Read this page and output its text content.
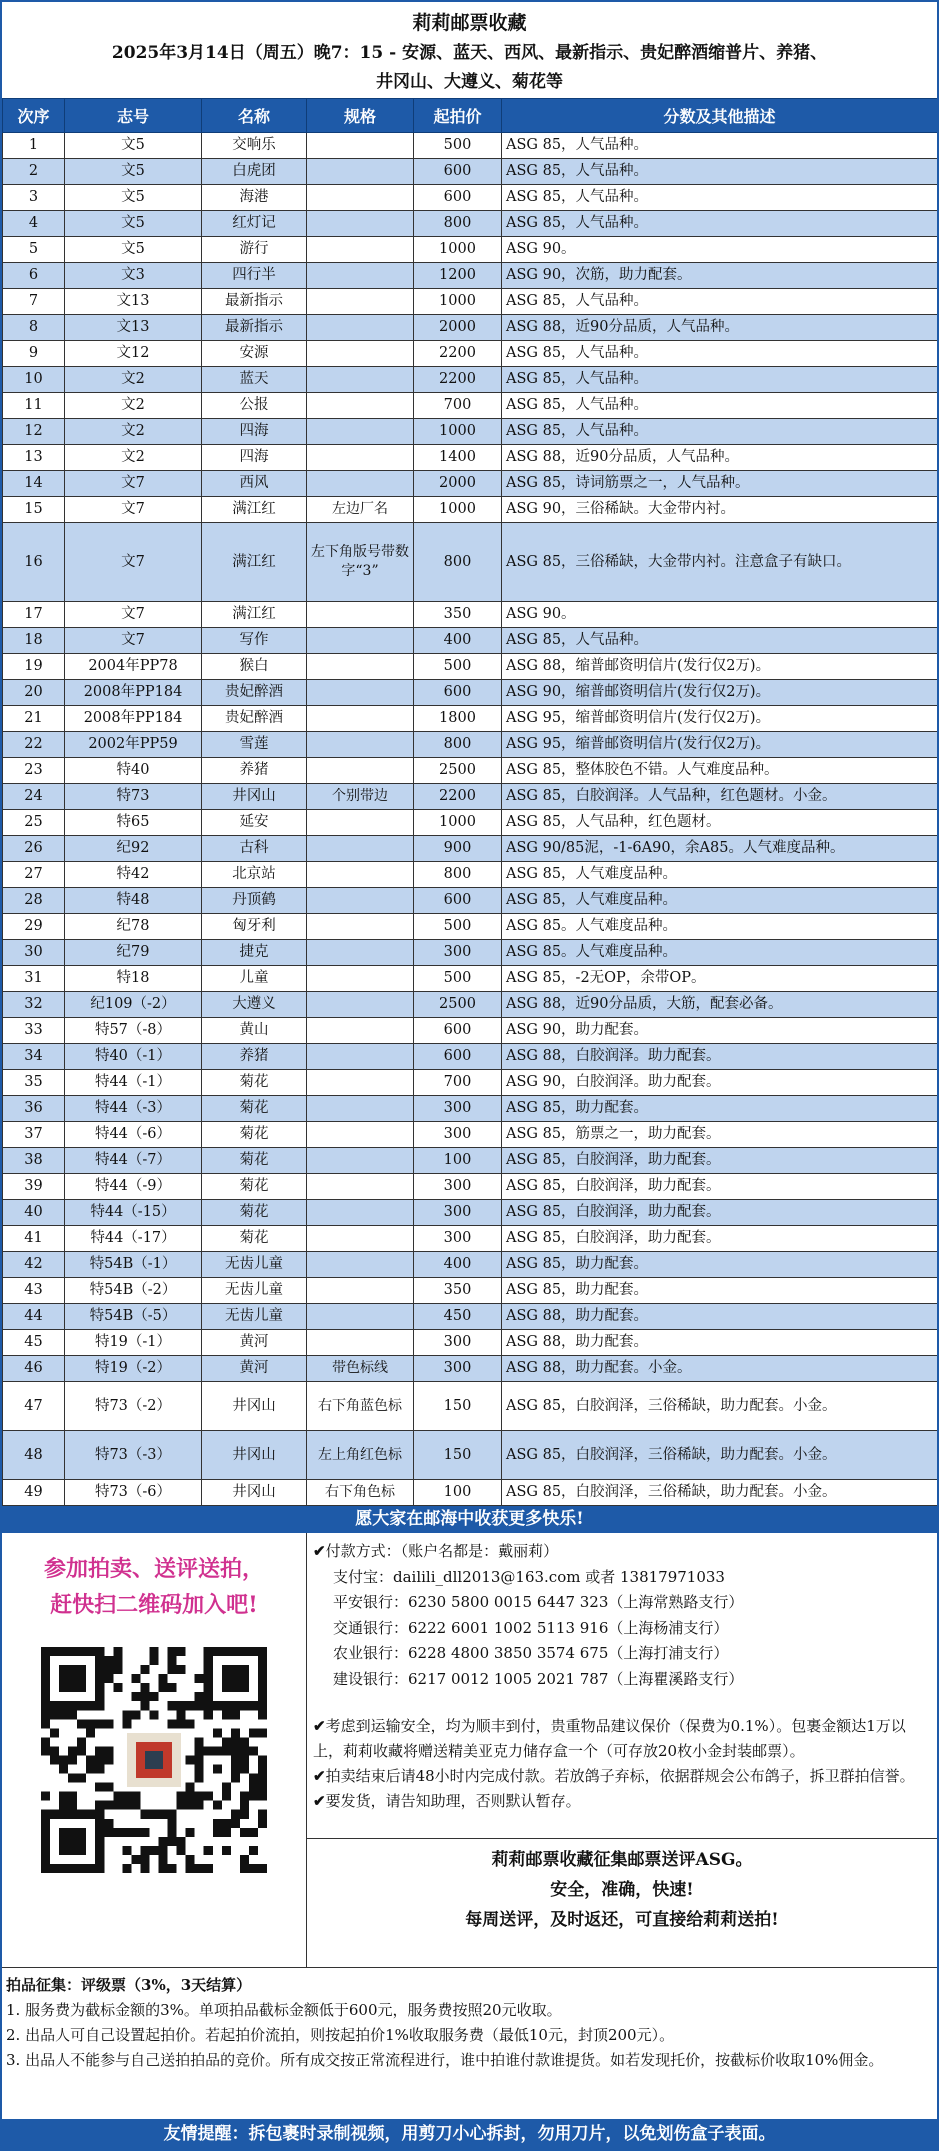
莉莉邮票收藏
2025年3月14日（周五）晚7：15 - 安源、蓝天、西风、最新指示、贵妃醉酒缩普片、养猪、
井冈山、大遵义、菊花等
次序	志号	名称	规格	起拍价	分数及其他描述
1	文5	交响乐		500	ASG 85，人气品种。
2	文5	白虎团		600	ASG 85，人气品种。
3	文5	海港		600	ASG 85，人气品种。
4	文5	红灯记		800	ASG 85，人气品种。
5	文5	游行		1000	ASG 90。
6	文3	四行半		1200	ASG 90，次筋，助力配套。
7	文13	最新指示		1000	ASG 85，人气品种。
8	文13	最新指示		2000	ASG 88，近90分品质，人气品种。
9	文12	安源		2200	ASG 85，人气品种。
10	文2	蓝天		2200	ASG 85，人气品种。
11	文2	公报		700	ASG 85，人气品种。
12	文2	四海		1000	ASG 85，人气品种。
13	文2	四海		1400	ASG 88，近90分品质，人气品种。
14	文7	西风		2000	ASG 85，诗词筋票之一，人气品种。
15	文7	满江红	左边厂名	1000	ASG 90，三俗稀缺。大金带内衬。
16	文7	满江红	左下角版号带数字“3”	800	ASG 85，三俗稀缺，大金带内衬。注意盒子有缺口。
17	文7	满江红		350	ASG 90。
18	文7	写作		400	ASG 85，人气品种。
19	2004年PP78	猴白		500	ASG 88，缩普邮资明信片(发行仅2万)。
20	2008年PP184	贵妃醉酒		600	ASG 90，缩普邮资明信片(发行仅2万)。
21	2008年PP184	贵妃醉酒		1800	ASG 95，缩普邮资明信片(发行仅2万)。
22	2002年PP59	雪莲		800	ASG 95，缩普邮资明信片(发行仅2万)。
23	特40	养猪		2500	ASG 85，整体胶色不错。人气难度品种。
24	特73	井冈山	个别带边	2200	ASG 85，白胶润泽。人气品种，红色题材。小金。
25	特65	延安		1000	ASG 85，人气品种，红色题材。
26	纪92	古科		900	ASG 90/85泥，-1-6A90，余A85。人气难度品种。
27	特42	北京站		800	ASG 85，人气难度品种。
28	特48	丹顶鹤		600	ASG 85，人气难度品种。
29	纪78	匈牙利		500	ASG 85。人气难度品种。
30	纪79	捷克		300	ASG 85。人气难度品种。
31	特18	儿童		500	ASG 85，-2无OP，余带OP。
32	纪109（-2）	大遵义		2500	ASG 88，近90分品质，大筋，配套必备。
33	特57（-8）	黄山		600	ASG 90，助力配套。
34	特40（-1）	养猪		600	ASG 88，白胶润泽。助力配套。
35	特44（-1）	菊花		700	ASG 90，白胶润泽。助力配套。
36	特44（-3）	菊花		300	ASG 85，助力配套。
37	特44（-6）	菊花		300	ASG 85，筋票之一，助力配套。
38	特44（-7）	菊花		100	ASG 85，白胶润泽，助力配套。
39	特44（-9）	菊花		300	ASG 85，白胶润泽，助力配套。
40	特44（-15）	菊花		300	ASG 85，白胶润泽，助力配套。
41	特44（-17）	菊花		300	ASG 85，白胶润泽，助力配套。
42	特54B（-1）	无齿儿童		400	ASG 85，助力配套。
43	特54B（-2）	无齿儿童		350	ASG 85，助力配套。
44	特54B（-5）	无齿儿童		450	ASG 88，助力配套。
45	特19（-1）	黄河		300	ASG 88，助力配套。
46	特19（-2）	黄河	带色标线	300	ASG 88，助力配套。小金。
47	特73（-2）	井冈山	右下角蓝色标	150	ASG 85，白胶润泽，三俗稀缺，助力配套。小金。
48	特73（-3）	井冈山	左上角红色标	150	ASG 85，白胶润泽，三俗稀缺，助力配套。小金。
49	特73（-6）	井冈山	右下角色标	100	ASG 85，白胶润泽，三俗稀缺，助力配套。小金。
愿大家在邮海中收获更多快乐!
参加拍卖、送评送拍，
赶快扫二维码加入吧!
✔付款方式：（账户名都是：戴丽莉）
支付宝：dailili_dll2013@163.com 或者 13817971033
平安银行：6230 5800 0015 6447 323（上海常熟路支行）
交通银行：6222 6001 1002 5113 916（上海杨浦支行）
农业银行：6228 4800 3850 3574 675（上海打浦支行）
建设银行：6217 0012 1005 2021 787（上海瞿溪路支行）
✔考虑到运输安全，均为顺丰到付，贵重物品建议保价（保费为0.1%）。包裹金额达1万以上，莉莉收藏将赠送精美亚克力储存盒一个（可存放20枚小金封装邮票）。
✔拍卖结束后请48小时内完成付款。若放鸽子弃标，依据群规会公布鸽子，拆卫群拍信誉。
✔要发货，请告知助理，否则默认暂存。
莉莉邮票收藏征集邮票送评ASG。
安全，准确，快速!
每周送评，及时返还，可直接给莉莉送拍!
拍品征集：评级票（3%，3天结算）
1. 服务费为截标金额的3%。单项拍品截标金额低于600元，服务费按照20元收取。
2. 出品人可自己设置起拍价。若起拍价流拍，则按起拍价1%收取服务费（最低10元，封顶200元）。
3. 出品人不能参与自己送拍拍品的竞价。所有成交按正常流程进行，谁中拍谁付款谁提货。如若发现托价，按截标价收取10%佣金。
友情提醒：拆包裹时录制视频，用剪刀小心拆封，勿用刀片，以免划伤盒子表面。
